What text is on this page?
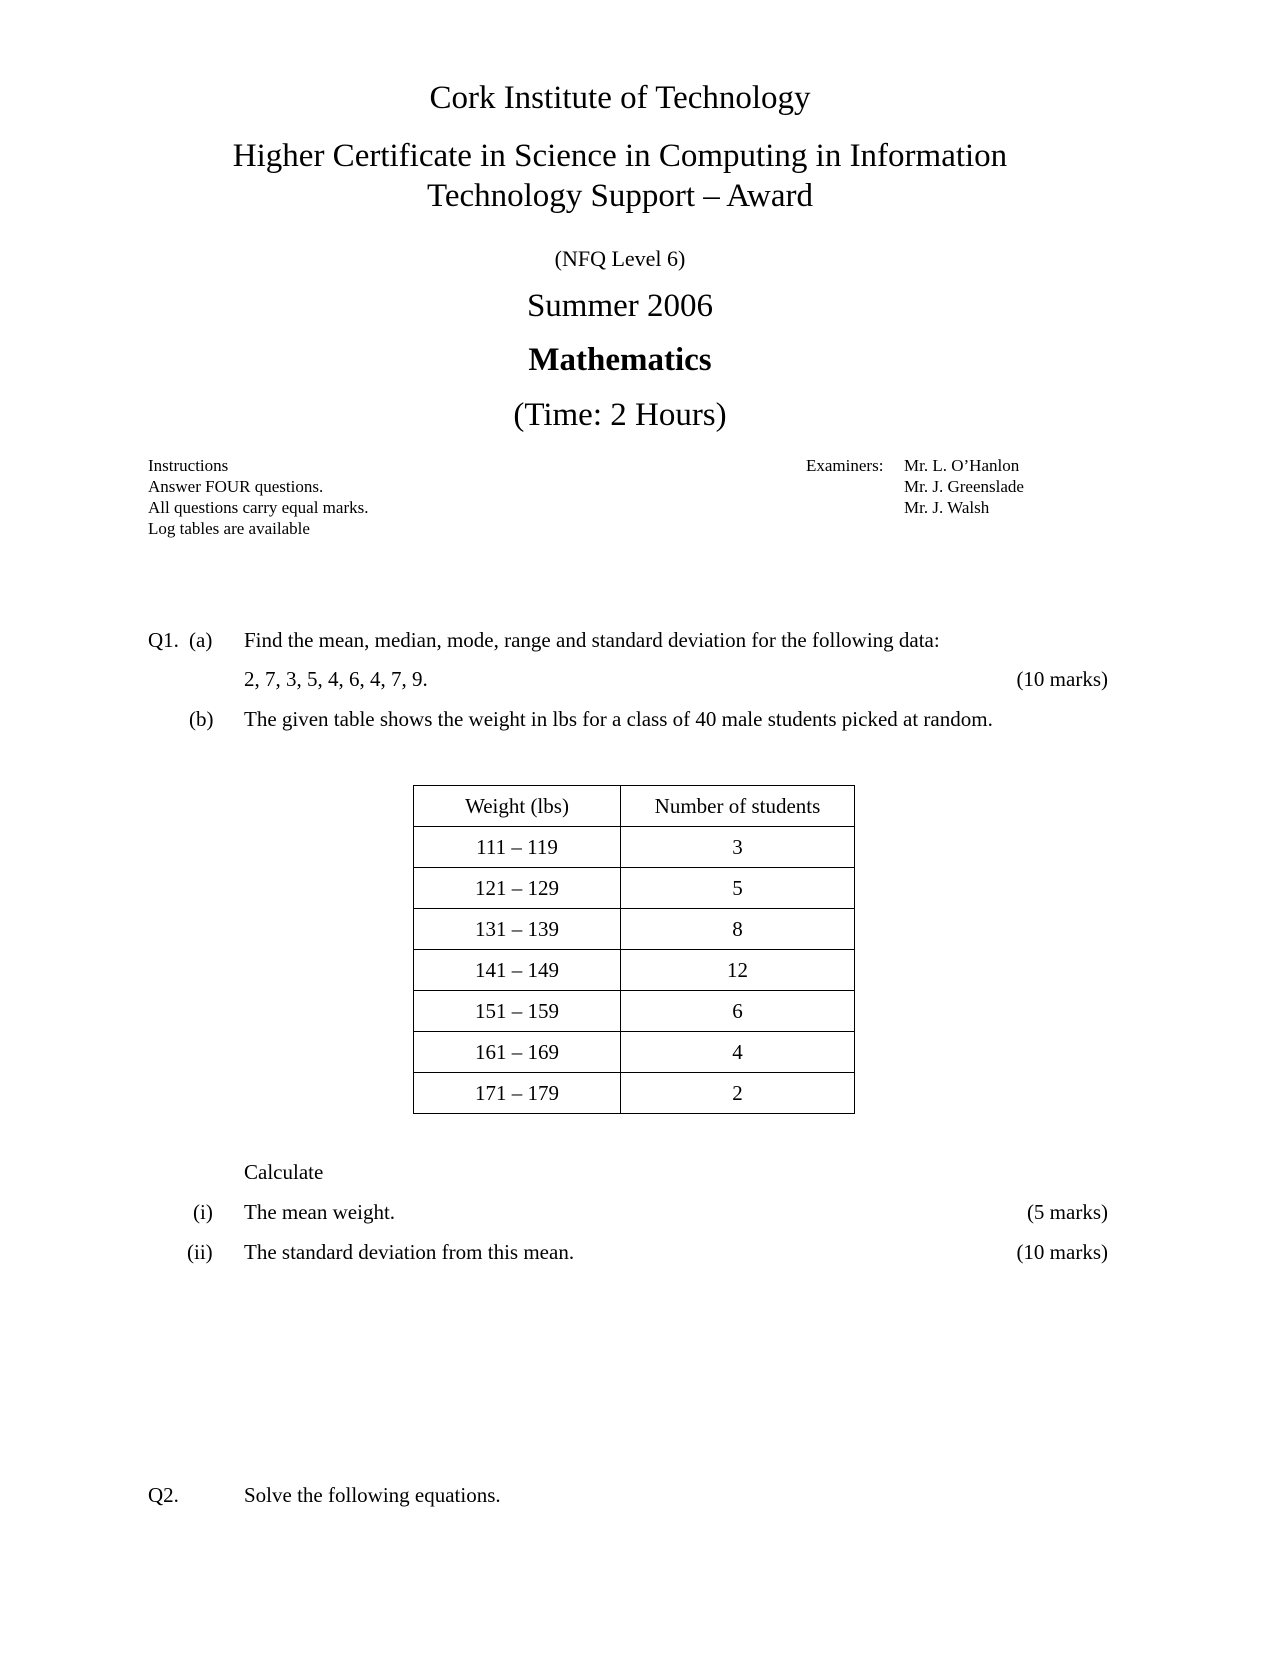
Cork Institute of Technology
Higher Certificate in Science in Computing in Information
Technology Support – Award
(NFQ Level 6)
Summer 2006
Mathematics
(Time: 2 Hours)
Instructions
Answer FOUR questions.
All questions carry equal marks.
Log tables are available
Examiners: Mr. L. O’Hanlon
Mr. J. Greenslade
Mr. J. Walsh
Q1. (a) Find the mean, median, mode, range and standard deviation for the following data:
2, 7, 3, 5, 4, 6, 4, 7, 9.	(10 marks)
(b) The given table shows the weight in lbs for a class of 40 male students picked at random.
Weight (lbs)	Number of students
111 – 119	3
121 – 129	5
131 – 139	8
141 – 149	12
151 – 159	6
161 – 169	4
171 – 179	2
Calculate
(i) The mean weight.	(5 marks)
(ii) The standard deviation from this mean.	(10 marks)
Q2.	Solve the following equations.
